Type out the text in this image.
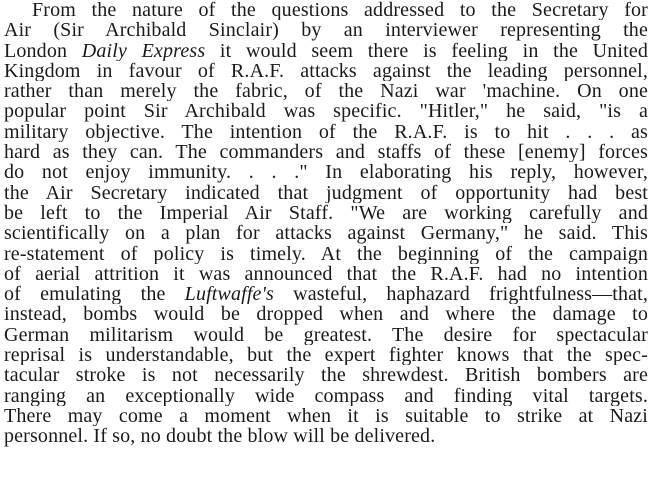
From the nature of the questions addressed to the Secretary for
Air (Sir Archibald Sinclair) by an interviewer representing the
London Daily Express it would seem there is feeling in the United
Kingdom in favour of R.A.F. attacks against the leading personnel,
rather than merely the fabric, of the Nazi war 'machine. On one
popular point Sir Archibald was specific. "Hitler," he said, "is a
military objective. The intention of the R.A.F. is to hit . . . as
hard as they can. The commanders and staffs of these [enemy] forces
do not enjoy immunity. . . ." In elaborating his reply, however,
the Air Secretary indicated that judgment of opportunity had best
be left to the Imperial Air Staff. "We are working carefully and
scientifically on a plan for attacks against Germany," he said. This
re-statement of policy is timely. At the beginning of the campaign
of aerial attrition it was announced that the R.A.F. had no intention
of emulating the Luftwaffe's wasteful, haphazard frightfulness—that,
instead, bombs would be dropped when and where the damage to
German militarism would be greatest. The desire for spectacular
reprisal is understandable, but the expert fighter knows that the spec-
tacular stroke is not necessarily the shrewdest. British bombers are
ranging an exceptionally wide compass and finding vital targets.
There may come a moment when it is suitable to strike at Nazi
personnel. If so, no doubt the blow will be delivered.
